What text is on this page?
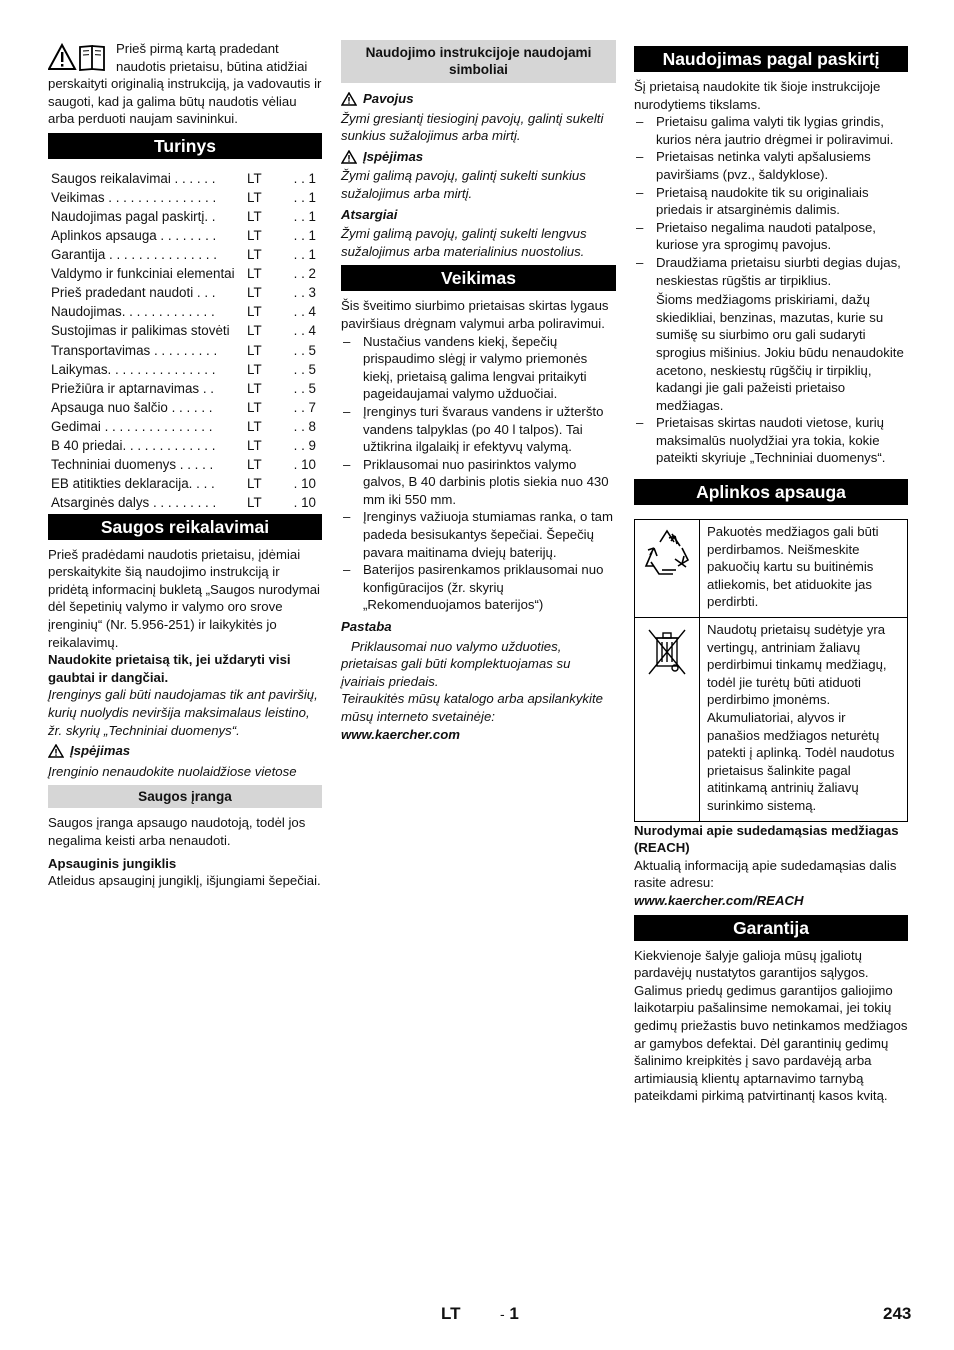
Prieš pirmą kartą pradedant naudotis prietaisu, būtina atidžiai perskaityti originalią instrukciją, ja vadovautis ir saugoti, kad ja galima būtų naudotis vėliau arba perduoti naujam savininkui.

Turinys
Saugos reikalavimai . . . . . .	LT	. . 1
Veikimas . . . . . . . . . . . . . . .	LT	. . 1
Naudojimas pagal paskirtį. .	LT	. . 1
Aplinkos apsauga . . . . . . . .	LT	. . 1
Garantija . . . . . . . . . . . . . . .	LT	. . 1
Valdymo ir funkciniai elementai	LT	. . 2
Prieš pradedant naudoti . . .	LT	. . 3
Naudojimas. . . . . . . . . . . . .	LT	. . 4
Sustojimas ir palikimas stovėti	LT	. . 4
Transportavimas . . . . . . . . .	LT	. . 5
Laikymas. . . . . . . . . . . . . . .	LT	. . 5
Priežiūra ir aptarnavimas . .	LT	. . 5
Apsauga nuo šalčio . . . . . .	LT	. . 7
Gedimai . . . . . . . . . . . . . . .	LT	. . 8
B 40 priedai. . . . . . . . . . . . .	LT	. . 9
Techniniai duomenys . . . . .	LT	. 10
EB atitikties deklaracija. . . .	LT	. 10
Atsarginės dalys . . . . . . . . .	LT	. 10
Saugos reikalavimai

Prieš pradėdami naudotis prietaisu, įdėmiai perskaitykite šią naudojimo instrukciją ir pridėtą informacinį bukletą „Saugos nurodymai dėl šepetinių valymo ir valymo oro srove įrenginių“ (Nr. 5.956-251) ir laikykitės jo reikalavimų.

Naudokite prietaisą tik, jei uždaryti visi gaubtai ir dangčiai.

Įrenginys gali būti naudojamas tik ant paviršių, kurių nuolydis neviršija maksimalaus leistino, žr. skyrių „Techniniai duomenys“.

Įspėjimas

Įrenginio nenaudokite nuolaidžiose vietose

Saugos įranga

Saugos įranga apsaugo naudotoją, todėl jos negalima keisti arba nenaudoti.

Apsauginis jungiklis

Atleidus apsauginį jungiklį, išjungiami šepečiai.

Naudojimo instrukcijoje naudojami simboliai
Pavojus

Žymi gresiantį tiesioginį pavojų, galintį sukelti sunkius sužalojimus arba mirtį.

Įspėjimas

Žymi galimą pavojų, galintį sukelti sunkius sužalojimus arba mirtį.

Atsargiai

Žymi galimą pavojų, galintį sukelti lengvus sužalojimus arba materialinius nuostolius.

Veikimas

Šis šveitimo siurbimo prietaisas skirtas lygaus paviršiaus drėgnam valymui arba poliravimui.

– Nustačius vandens kiekį, šepečių prispaudimo slėgį ir valymo priemonės kiekį, prietaisą galima lengvai pritaikyti pageidaujamai valymo užduočiai.
– Įrenginys turi švaraus vandens ir užteršto vandens talpyklas (po 40 l talpos). Tai užtikrina ilgalaikį ir efektyvų valymą.
– Priklausomai nuo pasirinktos valymo galvos, B 40 darbinis plotis siekia nuo 430 mm iki 550 mm.
– Įrenginys važiuoja stumiamas ranka, o tam padeda besisukantys šepečiai. Šepečių pavara maitinama dviejų baterijų.
– Baterijos pasirenkamos priklausomai nuo konfigūracijos (žr. skyrių „Rekomenduojamos baterijos“)

Pastaba

Priklausomai nuo valymo užduoties, prietaisas gali būti komplektuojamas su įvairiais priedais.

Teiraukitės mūsų katalogo arba apsilankykite mūsų interneto svetainėje:

www.kaercher.com

Naudojimas pagal paskirtį

Šį prietaisą naudokite tik šioje instrukcijoje nurodytiems tikslams.

– Prietaisu galima valyti tik lygias grindis, kurios nėra jautrio drėgmei ir poliravimui.
– Prietaisas netinka valyti apšalusiems paviršiams (pvz., šaldyklose).
– Prietaisą naudokite tik su originaliais priedais ir atsarginėmis dalimis.
– Prietaiso negalima naudoti patalpose, kuriose yra sprogimų pavojus.
– Draudžiama prietaisu siurbti degias dujas, neskiestas rūgštis ar tirpiklius.
Šioms medžiagoms priskiriami, dažų skiedikliai, benzinas, mazutas, kurie su sumišę su siurbimo oru gali sudaryti sprogius mišinius. Jokiu būdu nenaudokite acetono, neskiestų rūgščių ir tirpiklių, kadangi jie gali pažeisti prietaiso medžiagas.
– Prietaisas skirtas naudoti vietose, kurių maksimalūs nuolydžiai yra tokia, kokie pateikti skyriuje „Techniniai duomenys“.
Aplinkos apsauga
	Pakuotės medžiagos gali būti perdirbamos. Neišmeskite pakuočių kartu su buitinėmis atliekomis, bet atiduokite jas perdirbti.
	Naudotų prietaisų sudėtyje yra vertingų, antriniam žaliavų perdirbimui tinkamų medžiagų, todėl jie turėtų būti atiduoti perdirbimo įmonėms. Akumuliatoriai, alyvos ir panašios medžiagos neturėtų patekti į aplinką. Todėl naudotus prietaisus šalinkite pagal atitinkamą antrinių žaliavų surinkimo sistemą.

Nurodymai apie sudedamąsias medžiagas (REACH)

Aktualią informaciją apie sudedamąsias dalis rasite adresu:

www.kaercher.com/REACH

Garantija

Kiekvienoje šalyje galioja mūsų įgaliotų pardavėjų nustatytos garantijos sąlygos. Galimus priedų gedimus garantijos galiojimo laikotarpiu pašalinsime nemokamai, jei tokių gedimų priežastis buvo netinkamos medžiagos ar gamybos defektai. Dėl garantinių gedimų šalinimo kreipkitės į savo pardavėją arba artimiausią klientų aptarnavimo tarnybą pateikdami pirkimą patvirtinantį kasos kvitą.

LT	- 1	243
